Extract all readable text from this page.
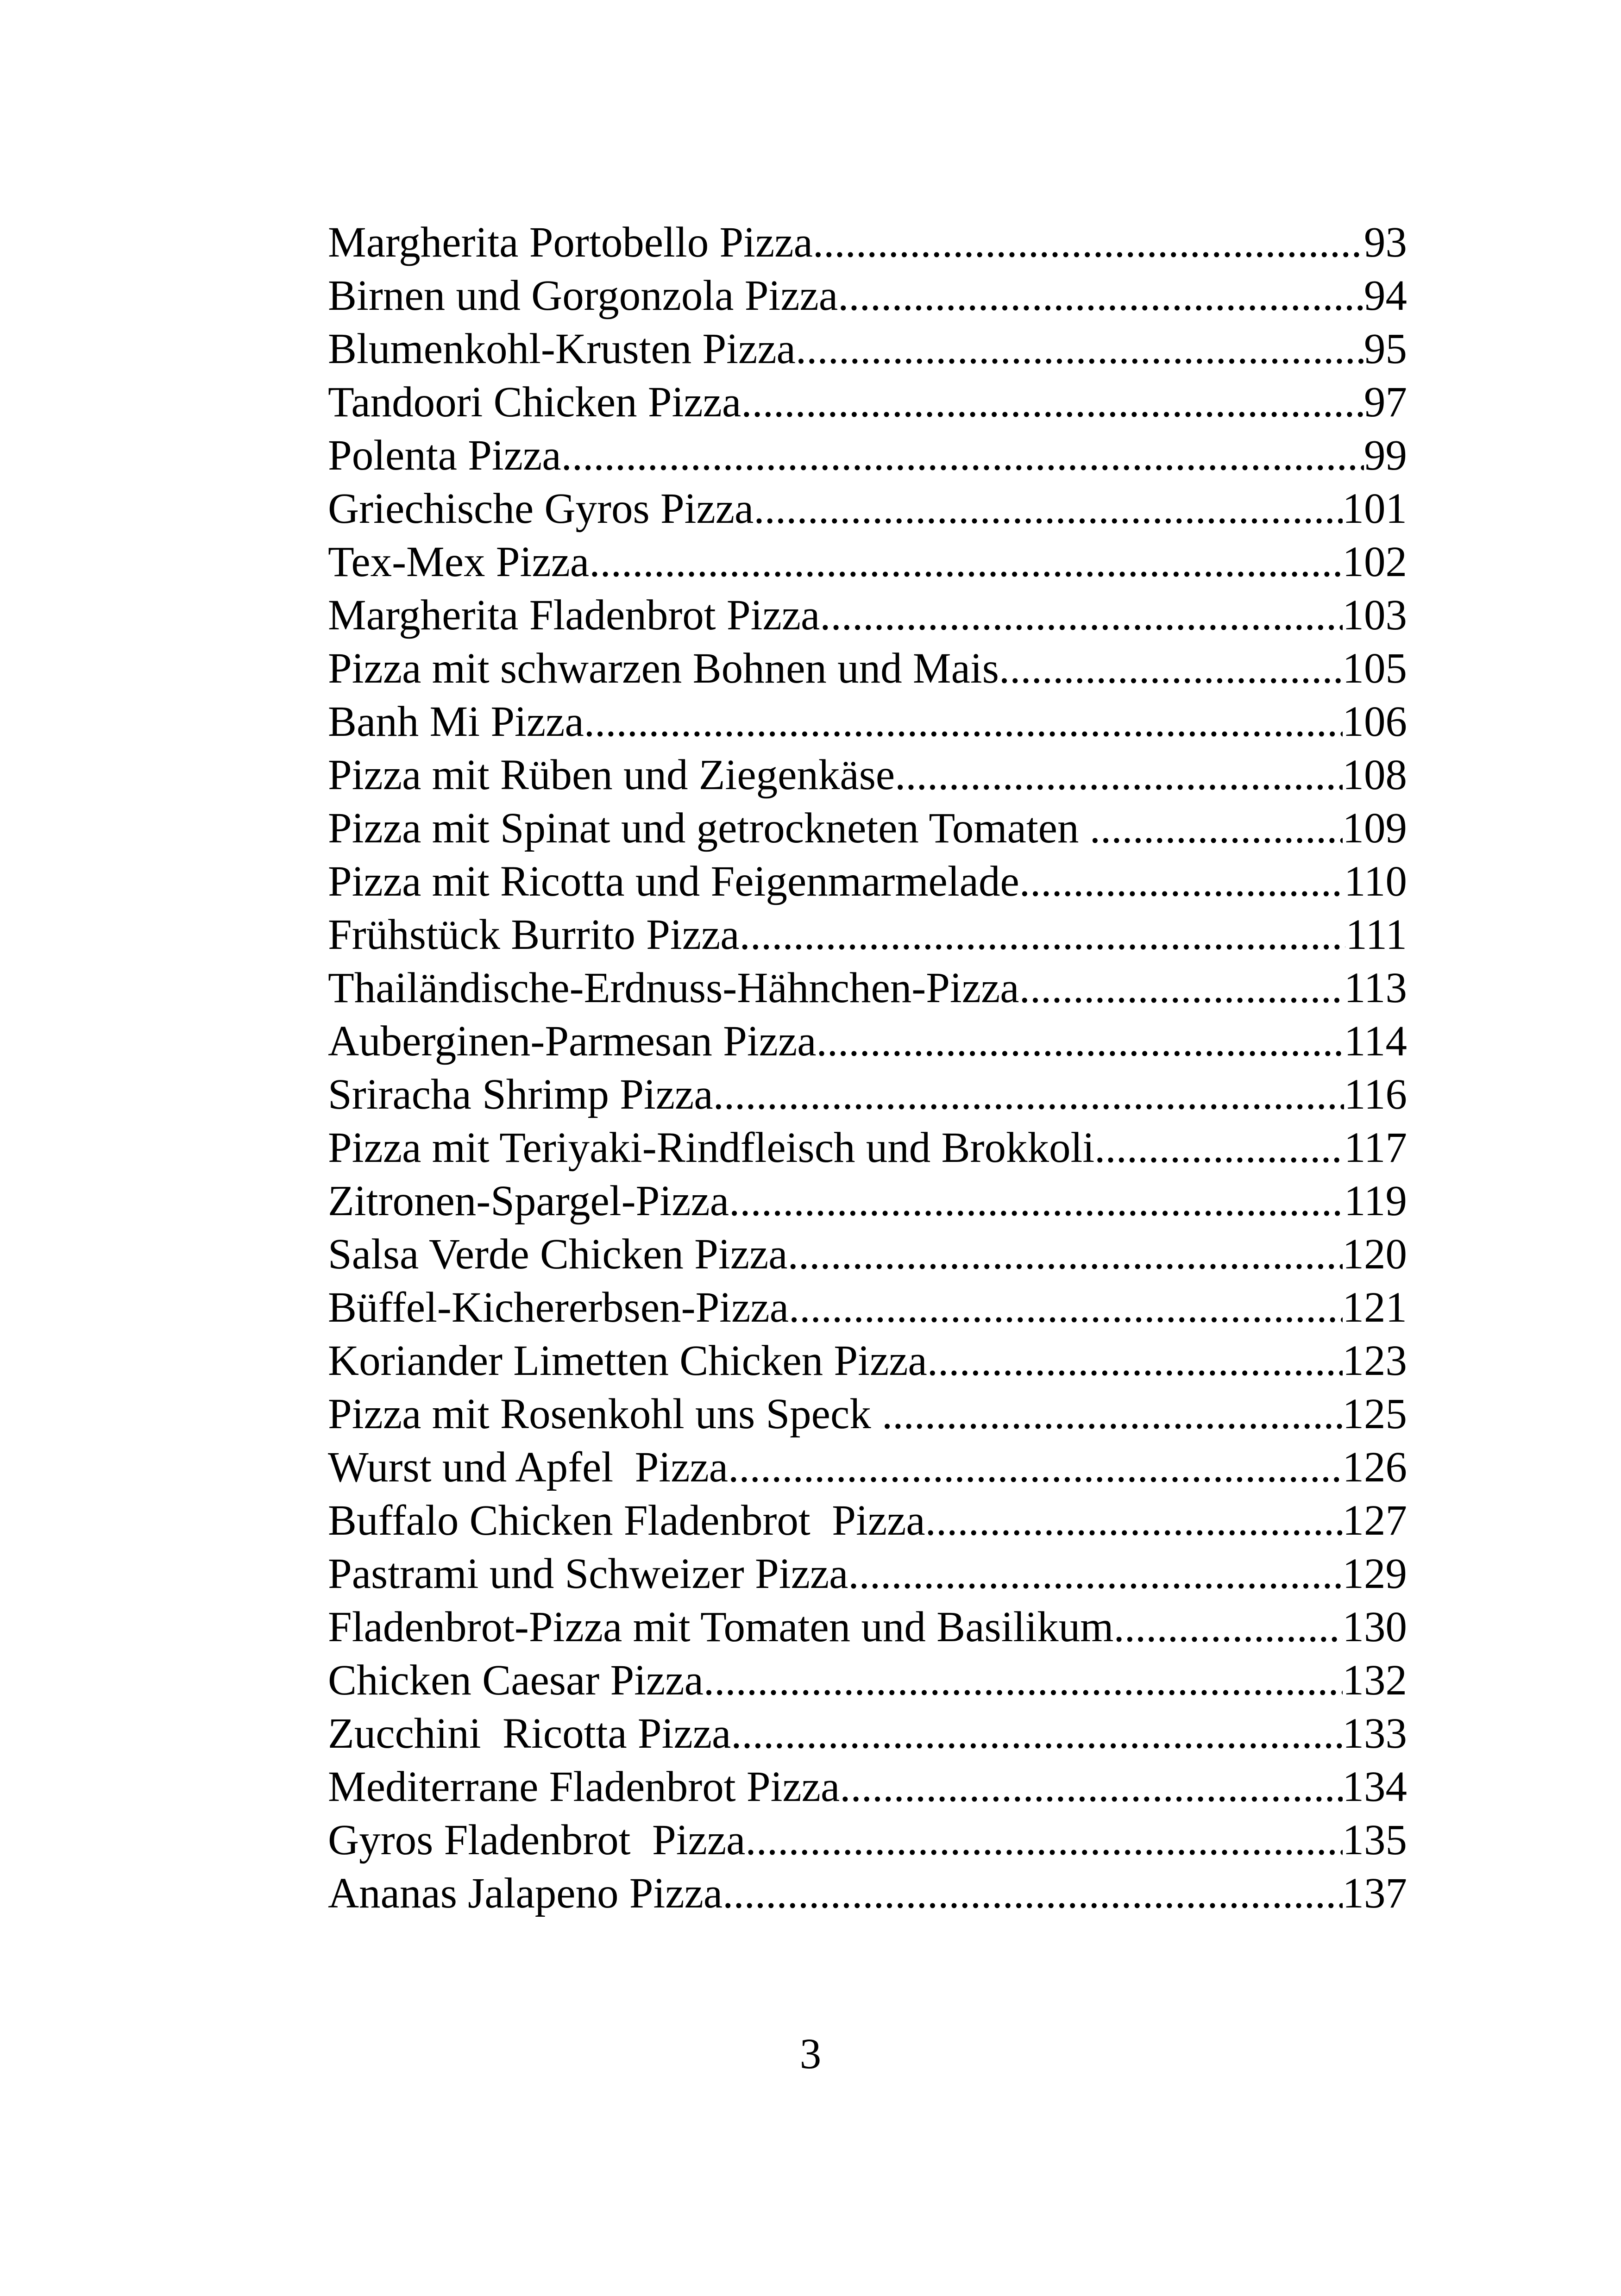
Margherita Portobello Pizza .....	93
Birnen und Gorgonzola Pizza .....	94
Blumenkohl-Krusten Pizza .....	95
Tandoori Chicken Pizza .....	97
Polenta Pizza .....	99
Griechische Gyros Pizza .....	101
Tex-Mex Pizza .....	102
Margherita Fladenbrot Pizza .....	103
Pizza mit schwarzen Bohnen und Mais .....	105
Banh Mi Pizza .....	106
Pizza mit Rüben und Ziegenkäse .....	108
Pizza mit Spinat und getrockneten Tomaten .....	109
Pizza mit Ricotta und Feigenmarmelade .....	110
Frühstück Burrito Pizza .....	111
Thailändische-Erdnuss-Hähnchen-Pizza .....	113
Auberginen-Parmesan Pizza .....	114
Sriracha Shrimp Pizza .....	116
Pizza mit Teriyaki-Rindfleisch und Brokkoli .....	117
Zitronen-Spargel-Pizza .....	119
Salsa Verde Chicken Pizza .....	120
Büffel-Kichererbsen-Pizza .....	121
Koriander Limetten Chicken Pizza .....	123
Pizza mit Rosenkohl uns Speck .....	125
Wurst und Apfel  Pizza .....	126
Buffalo Chicken Fladenbrot  Pizza .....	127
Pastrami und Schweizer Pizza .....	129
Fladenbrot-Pizza mit Tomaten und Basilikum .....	130
Chicken Caesar Pizza .....	132
Zucchini  Ricotta Pizza .....	133
Mediterrane Fladenbrot Pizza .....	134
Gyros Fladenbrot  Pizza .....	135
Ananas Jalapeno Pizza .....	137
3
